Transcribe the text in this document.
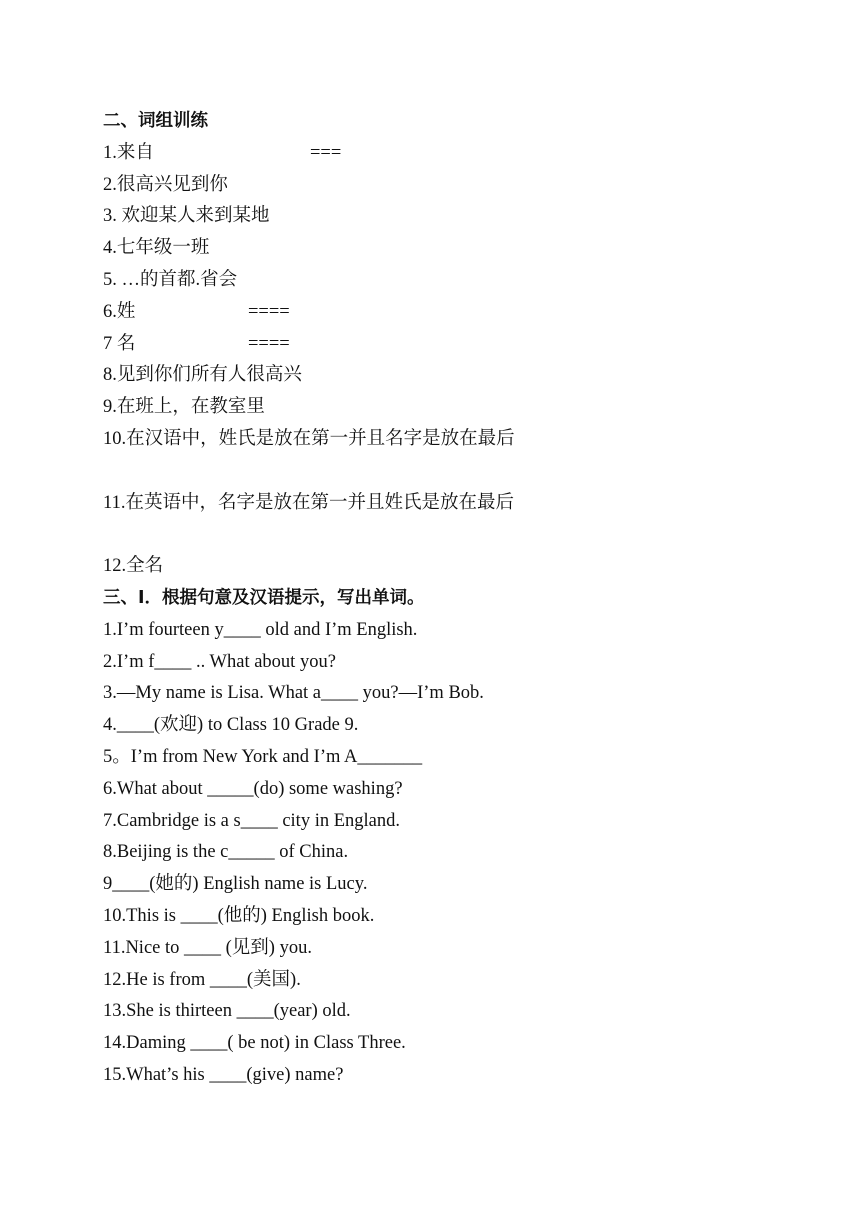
二、词组训练
1.来自	===
2.很高兴见到你
3. 欢迎某人来到某地
4.七年级一班
5. …的首都.省会
6.姓	====
7 名	====
8.见到你们所有人很高兴
9.在班上，在教室里
10.在汉语中，姓氏是放在第一并且名字是放在最后
11.在英语中，名字是放在第一并且姓氏是放在最后
12.全名
三、Ⅰ．根据句意及汉语提示，写出单词。
1.I’m fourteen y____ old and I’m English.
2.I’m f____ .. What about you?
3.—My name is Lisa. What a____ you?—I’m Bob.
4.____(欢迎) to Class 10 Grade 9.
5。I’m from New York and I’m A_______
6.What about _____(do) some washing?
7.Cambridge is a s____ city in England.
8.Beijing is the c_____ of China.
9____(她的) English name is Lucy.
10.This is ____(他的) English book.
11.Nice to ____ (见到) you.
12.He is from ____(美国).
13.She is thirteen ____(year) old.
14.Daming ____( be not) in Class Three.
15.What’s his ____(give) name?
